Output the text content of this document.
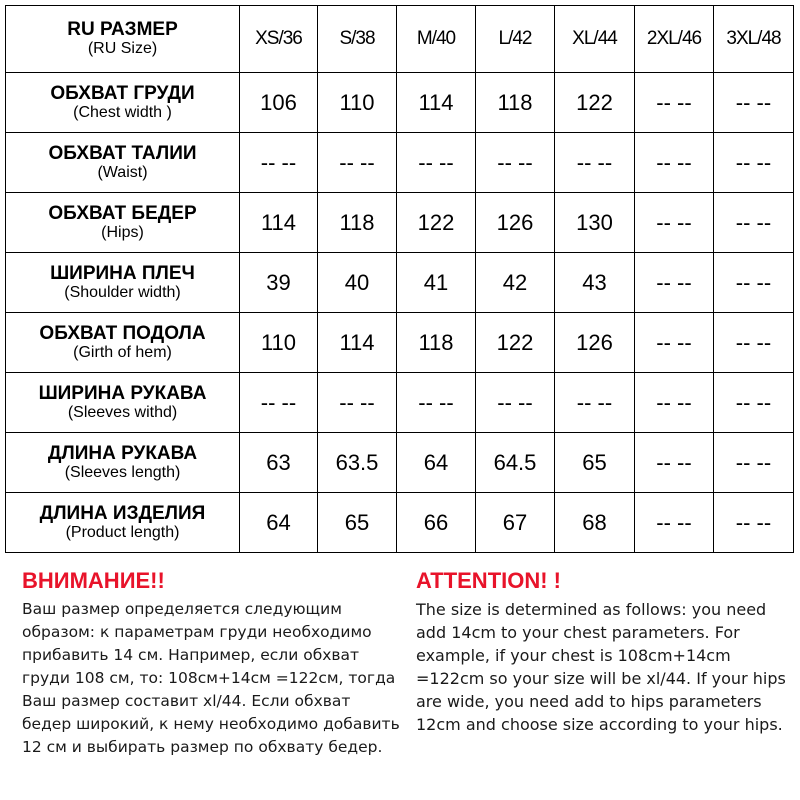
RU РАЗМЕР
(RU Size)	XS/36	S/38	M/40	L/42	XL/44	2XL/46	3XL/48

ОБХВАТ ГРУДИ
(Chest width )	106	110	114	118	122	-- --	-- --

ОБХВАТ ТАЛИИ
(Waist)	-- --	-- --	-- --	-- --	-- --	-- --	-- --

ОБХВАТ БЕДЕР
(Hips)	114	118	122	126	130	-- --	-- --

ШИРИНА ПЛЕЧ
(Shoulder width)	39	40	41	42	43	-- --	-- --

ОБХВАТ ПОДОЛА
(Girth of hem)	110	114	118	122	126	-- --	-- --

ШИРИНА РУКАВА
(Sleeves withd)	-- --	-- --	-- --	-- --	-- --	-- --	-- --

ДЛИНА РУКАВА
(Sleeves length)	63	63.5	64	64.5	65	-- --	-- --

ДЛИНА ИЗДЕЛИЯ
(Product length)	64	65	66	67	68	-- --	-- --
ВНИМАНИЕ!!
Ваш размер определяется следующим образом: к параметрам груди необходимо прибавить 14 см. Например, если обхват груди 108 см, то: 108см+14см =122см, тогда Ваш размер составит xl/44. Если обхват бедер широкий, к нему необходимо добавить 12 см и выбирать размер по обхвату бедер.
ATTENTION! !
The size is determined as follows: you need add 14cm to your chest parameters. For example, if your chest is 108cm+14cm =122cm so your size will be xl/44. If your hips are wide, you need add to hips parameters 12cm and choose size according to your hips.
